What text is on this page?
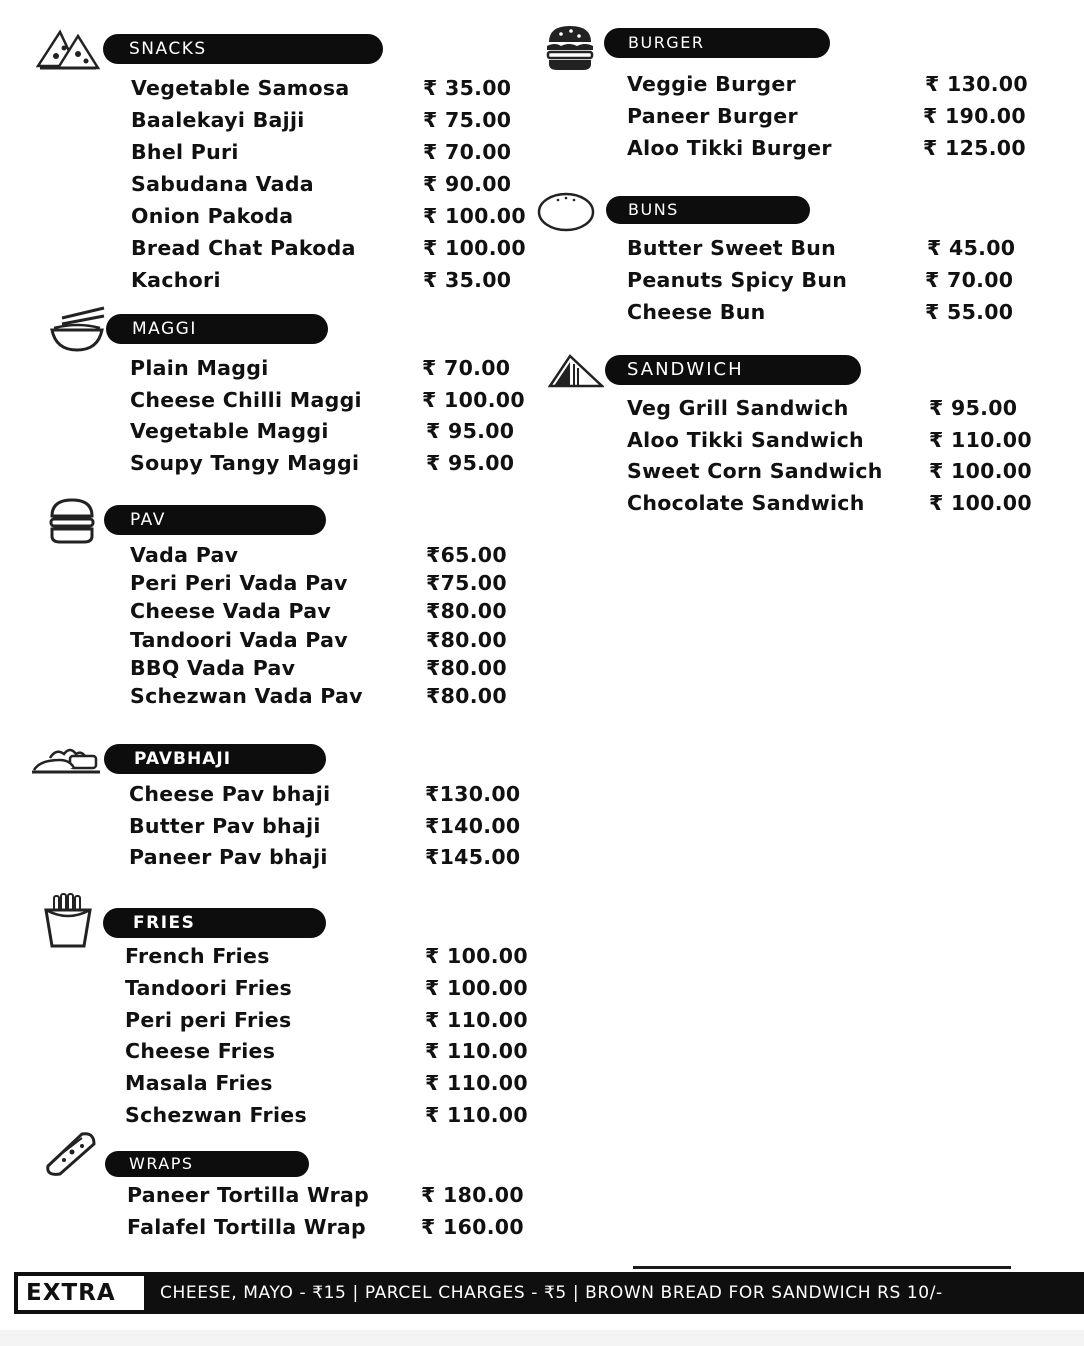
SNACKS
Vegetable Samosa	₹ 35.00
Baalekayi Bajji	₹ 75.00
Bhel Puri	₹ 70.00
Sabudana Vada	₹ 90.00
Onion Pakoda	₹ 100.00
Bread Chat Pakoda	₹ 100.00
Kachori	₹ 35.00
MAGGI
Plain Maggi	₹ 70.00
Cheese Chilli Maggi	₹ 100.00
Vegetable Maggi	₹ 95.00
Soupy Tangy Maggi	₹ 95.00
PAV
Vada Pav	₹65.00
Peri Peri Vada Pav	₹75.00
Cheese Vada Pav	₹80.00
Tandoori Vada Pav	₹80.00
BBQ Vada Pav	₹80.00
Schezwan Vada Pav	₹80.00
PAVBHAJI
Cheese Pav bhaji	₹130.00
Butter Pav bhaji	₹140.00
Paneer Pav bhaji	₹145.00
FRIES
French Fries	₹ 100.00
Tandoori Fries	₹ 100.00
Peri peri Fries	₹ 110.00
Cheese Fries	₹ 110.00
Masala Fries	₹ 110.00
Schezwan Fries	₹ 110.00
WRAPS
Paneer Tortilla Wrap	₹ 180.00
Falafel Tortilla Wrap	₹ 160.00
BURGER
Veggie Burger	₹ 130.00
Paneer Burger	₹ 190.00
Aloo Tikki Burger	₹ 125.00
BUNS
Butter Sweet Bun	₹ 45.00
Peanuts Spicy Bun	₹ 70.00
Cheese Bun	₹ 55.00
SANDWICH
Veg Grill Sandwich	₹ 95.00
Aloo Tikki Sandwich	₹ 110.00
Sweet Corn Sandwich ₹ 100.00
Chocolate Sandwich	₹ 100.00
EXTRA	CHEESE, MAYO - ₹15 | PARCEL CHARGES - ₹5 | BROWN BREAD FOR SANDWICH RS 10/-
